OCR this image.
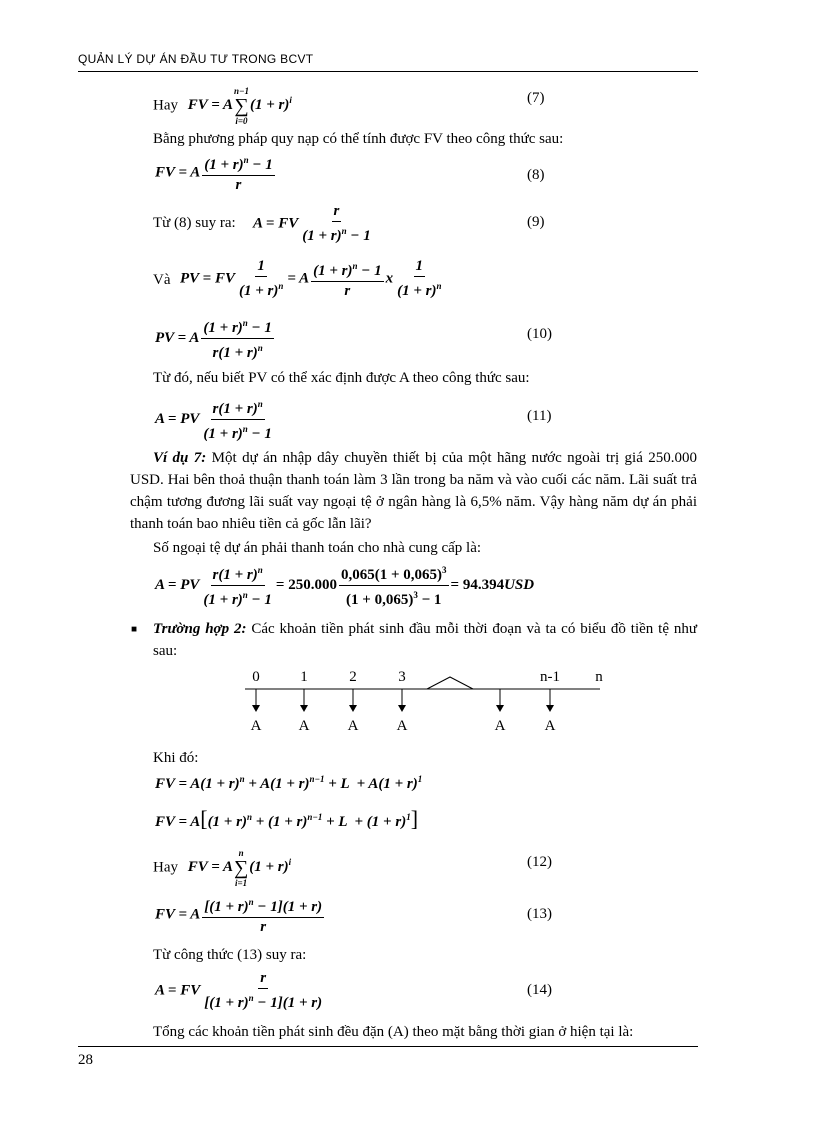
QUẢN LÝ DỰ ÁN ĐẦU TƯ TRONG BCVT
Hay FV = A
n−1
∑
i=0
$(1 + r)^i$	(7)
Bằng phương pháp quy nạp có thể tính được FV theo công thức sau:
FV = A $\frac{(1 + r)^n - 1}{r}$	(8)
Từ (8) suy ra: A = FV $\frac{r}{(1 + r)^n - 1}$	(9)
Và PV = FV $\frac{1}{(1 + r)^n} = A \frac{(1 + r)^n - 1}{r}$ x $\frac{1}{(1 + r)^n}$
PV = A $\frac{(1 + r)^n - 1}{r(1 + r)^n}$	(10)
Từ đó, nếu biết PV có thể xác định được A theo công thức sau:
A = PV $\frac{r(1 + r)^n}{(1 + r)^n - 1}$	(11)
Ví dụ 7: Một dự án nhập dây chuyền thiết bị của một hãng nước ngoài trị giá 250.000 USD. Hai bên thoả thuận thanh toán làm 3 lần trong ba năm và vào cuối các năm. Lãi suất trả chậm tương đương lãi suất vay ngoại tệ ở ngân hàng là 6,5% năm. Vậy hàng năm dự án phải thanh toán bao nhiêu tiền cả gốc lẫn lãi?
Số ngoại tệ dự án phải thanh toán cho nhà cung cấp là:
A = PV $\frac{r(1 + r)^n}{(1 + r)^n - 1} = 250.000 \frac{0,065(1 + 0,065)^3}{(1 + 0,065)^3 - 1} = 94.394USD$
■ Trường hợp 2: Các khoản tiền phát sinh đầu mỗi thời đoạn và ta có biểu đồ tiền tệ như sau:
0	1	2	3	n-1 n
A A	A	A	A	A
Khi đó:
FV = $A(1 + r)^n + A(1 + r)^{n-1} + L + A(1 + r)^1$
FV = $A[(1 + r)^n + (1 + r)^{n-1} + L + (1 + r)^1]$
Hay FV = A
n
∑
i=1
$(1 + r)^i$	(12)
FV = A $\frac{[(1 + r)^n - 1](1 + r)}{r}$	(13)
Từ công thức (13) suy ra:
A = FV $\frac{r}{[(1 + r)^n - 1](1 + r)}$	(14)
Tổng các khoản tiền phát sinh đều đặn (A) theo mặt bằng thời gian ở hiện tại là:
28
